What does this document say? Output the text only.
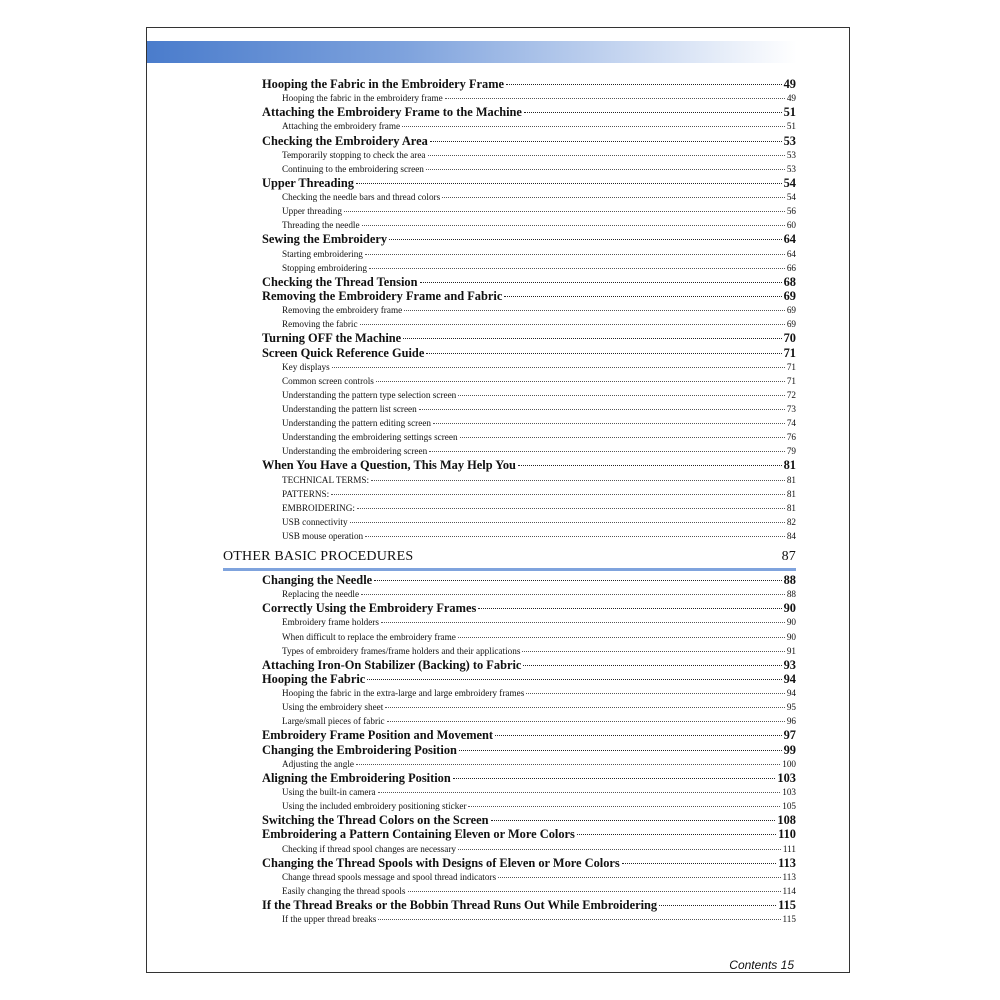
Hooping the Fabric in the Embroidery Frame	49
Hooping the fabric in the embroidery frame	49
Attaching the Embroidery Frame to the Machine	51
Attaching the embroidery frame	51
Checking the Embroidery Area	53
Temporarily stopping to check the area	53
Continuing to the embroidering screen	53
Upper Threading	54
Checking the needle bars and thread colors	54
Upper threading	56
Threading the needle	60
Sewing the Embroidery	64
Starting embroidering	64
Stopping embroidering	66
Checking the Thread Tension	68
Removing the Embroidery Frame and Fabric	69
Removing the embroidery frame	69
Removing the fabric	69
Turning OFF the Machine	70
Screen Quick Reference Guide	71
Key displays	71
Common screen controls	71
Understanding the pattern type selection screen	72
Understanding the pattern list screen	73
Understanding the pattern editing screen	74
Understanding the embroidering settings screen	76
Understanding the embroidering screen	79
When You Have a Question, This May Help You	81
TECHNICAL TERMS:	81
PATTERNS:	81
EMBROIDERING:	81
USB connectivity	82
USB mouse operation	84
OTHER BASIC PROCEDURES	87
Changing the Needle	88
Replacing the needle	88
Correctly Using the Embroidery Frames	90
Embroidery frame holders	90
When difficult to replace the embroidery frame	90
Types of embroidery frames/frame holders and their applications	91
Attaching Iron-On Stabilizer (Backing) to Fabric	93
Hooping the Fabric	94
Hooping the fabric in the extra-large and large embroidery frames	94
Using the embroidery sheet	95
Large/small pieces of fabric	96
Embroidery Frame Position and Movement	97
Changing the Embroidering Position	99
Adjusting the angle	100
Aligning the Embroidering Position	103
Using the built-in camera	103
Using the included embroidery positioning sticker	105
Switching the Thread Colors on the Screen	108
Embroidering a Pattern Containing Eleven or More Colors	110
Checking if thread spool changes are necessary	111
Changing the Thread Spools with Designs of Eleven or More Colors	113
Change thread spools message and spool thread indicators	113
Easily changing the thread spools	114
If the Thread Breaks or the Bobbin Thread Runs Out While Embroidering	115
If the upper thread breaks	115
Contents 15
